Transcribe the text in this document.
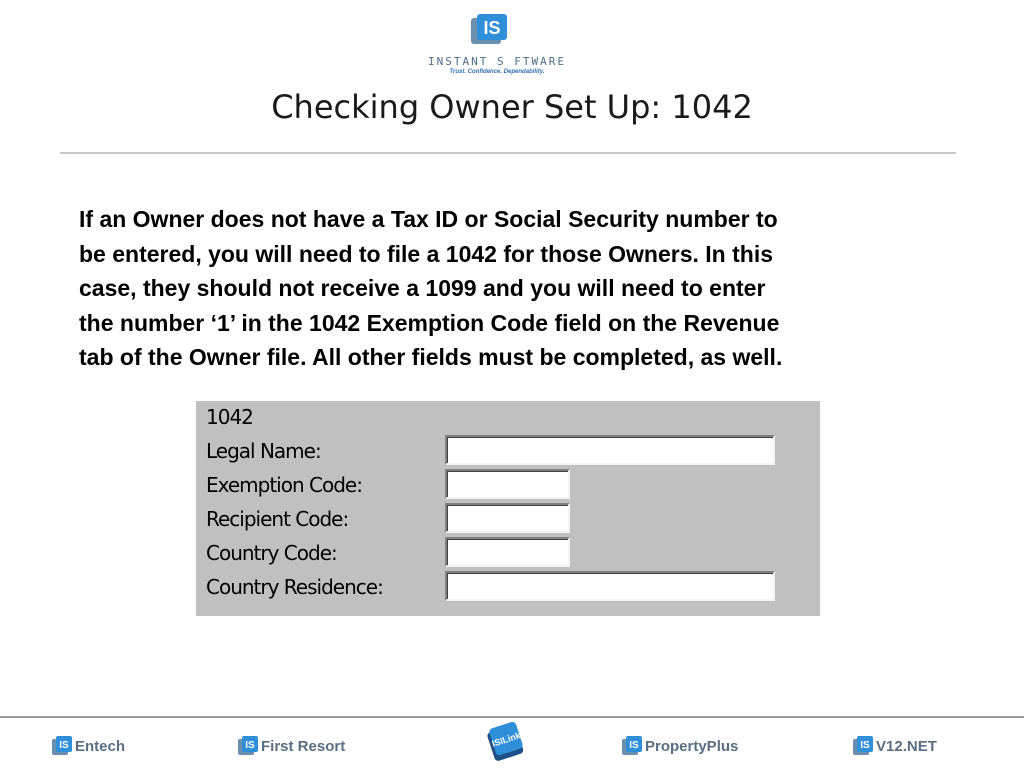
IS
INSTANT S FTWARE
Trust. Confidence. Dependability.
Checking Owner Set Up: 1042

If an Owner does not have a Tax ID or Social Security number to
be entered, you will need to file a 1042 for those Owners. In this
case, they should not receive a 1099 and you will need to enter
the number ‘1’ in the 1042 Exemption Code field on the Revenue
tab of the Owner file. All other fields must be completed, as well.

1042
Legal Name:
Exemption Code:
Recipient Code:
Country Code:
Country Residence:
IS Entech	IS First Resort	ISILink	IS PropertyPlus	IS V12.NET
